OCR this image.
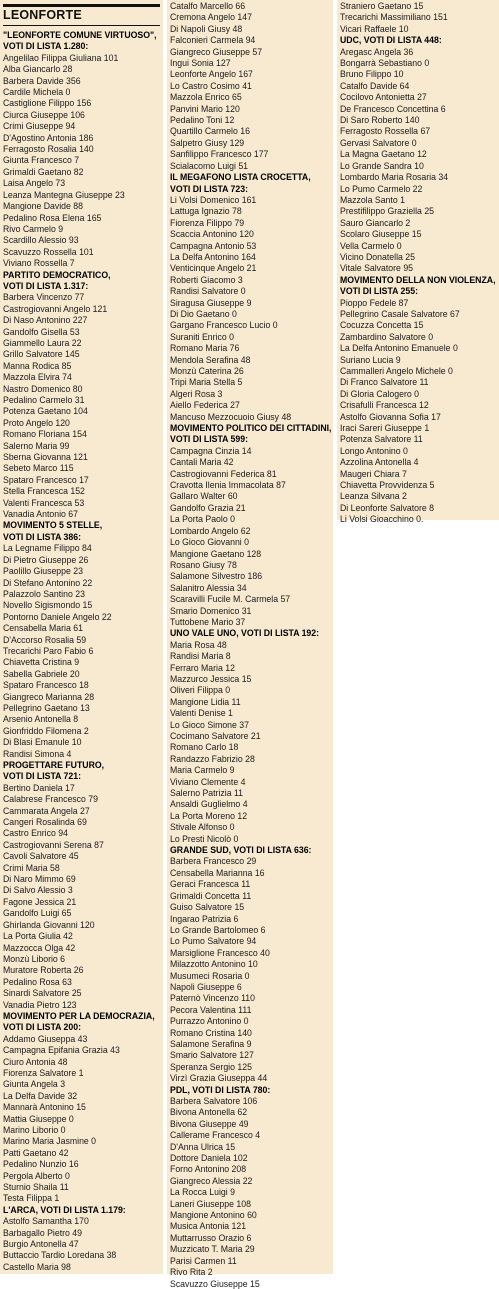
LEONFORTE
"LEONFORTE COMUNE VIRTUOSO",
VOTI DI LISTA 1.280:
Angelilao Filippa Giuliana 101
Alba Giancarlo 28
Barbera Davide 356
Cardile Michela 0
Castiglione Filippo 156
Ciurca Giuseppe 106
Crimi Giuseppe 94
D'Agostino Antonia 186
Ferragosto Rosalia 140
Giunta Francesco 7
Grimaldi Gaetano 82
Laisa Angelo 73
Leanza Mantegna Giuseppe 23
Mangione Davide 88
Pedalino Rosa Elena 165
Rivo Carmelo 9
Scardillo Alessio 93
Scavuzzo Rossella 101
Viviano Rossella 7
PARTITO DEMOCRATICO,
VOTI DI LISTA 1.317:
Barbera Vincenzo 77
Castrogiovanni Angelo 121
Di Naso Antonino 227
Gandolfo Gisella 53
Giammello Laura 22
Grillo Salvatore 145
Manna Rodica 85
Mazzola Elvira 74
Nastro Domenico 80
Pedalino Carmelo 31
Potenza Gaetano 104
Proto Angelo 120
Romano Floriana 154
Salerno Maria 99
Sberna Giovanna 121
Sebeto Marco 115
Spataro Francesco 17
Stella Francesca 152
Valenti Francesca 53
Vanadia Antonio 67
MOVIMENTO 5 STELLE,
VOTI DI LISTA 386:
La Legname Filippo 84
Di Pietro Giuseppe 26
Paolillo Giuseppe 23
Di Stefano Antonino 22
Palazzolo Santino 23
Novello Sigismondo 15
Pontorno Daniele Angelo 22
Censabella Maria 61
D'Accorso Rosalia 59
Trecarichi Paro Fabio 6
Chiavetta Cristina 9
Sabella Gabriele 20
Spataro Francesco 18
Giangreco Marianna 28
Pellegrino Gaetano 13
Arsenio Antonella 8
Gionfriddo Filomena 2
Di Blasi Emanule 10
Randisi Simona 4
PROGETTARE FUTURO,
VOTI DI LISTA 721:
Bertino Daniela 17
Calabrese Francesco 79
Cammarata Angela 27
Cangeri Rosalinda 69
Castro Enrico 94
Castrogiovanni Serena 87
Cavoli Salvatore 45
Crimi Maria 58
Di Naro Mimmo 69
Di Salvo Alessio 3
Fagone Jessica 21
Gandolfo Luigi 65
Ghirlanda Giovanni 120
La Porta Giulia 42
Mazzocca Olga 42
Monzù Liborio 6
Muratore Roberta 26
Pedalino Rosa 63
Sinardi Salvatore 25
Vanadia Pietro 123
MOVIMENTO PER LA DEMOCRAZIA,
VOTI DI LISTA 200:
Addamo Giuseppa 43
Campagna Epifania Grazia 43
Ciuro Antonia 48
Fiorenza Salvatore 1
Giunta Angela 3
La Delfa Davide 32
Mannarà Antonino 15
Mattia Giuseppe 0
Marino Liborio 0
Marino Maria Jasmine 0
Patti Gaetano 42
Pedalino Nunzio 16
Pergola Alberto 0
Sturnio Shaila 11
Testa Filippa 1
L'ARCA, VOTI DI LISTA 1.179:
Astolfo Samantha 170
Barbagallo Pietro 49
Burgio Antonella 47
Buttaccio Tardio Loredana 38
Castello Maria 98
Catalfo Marcello 66
Cremona Angelo 147
Di Napoli Giusy 48
Falconieri Carmela 94
Giangreco Giuseppe 57
Ingui Sonia 127
Leonforte Angelo 167
Lo Castro Cosimo 41
Mazzola Enrico 65
Panvini Mario 120
Pedalino Toni 12
Quartillo Carmelo 16
Salpetro Giusy 129
Sanfilippo Francesco 177
Scialacomo Luigi 51
IL MEGAFONO LISTA CROCETTA,
VOTI DI LISTA 723:
Li Volsi Domenico 161
Lattuga Ignazio 78
Fiorenza Filippo 79
Scaccia Antonino 120
Campagna Antonio 53
La Delfa Antonino 164
Venticinque Angelo 21
Roberti Giacomo 3
Randisi Salvatore 0
Siragusa Giuseppe 9
Di Dio Gaetano 0
Gargano Francesco Lucio 0
Suraniti Enrico 0
Romano Maria 76
Mendola Serafina 48
Monzù Caterina 26
Tripi Maria Stella 5
Algeri Rosa 3
Aiello Federica 27
Mancuso Mezzocuoio Giusy 48
MOVIMENTO POLITICO DEI CITTADINI,
VOTI DI LISTA 599:
Campagna Cinzia 14
Cantali Maria 42
Castrogiovanni Federica 81
Cravotta Ilenia Immacolata 87
Gallaro Walter 60
Gandolfo Grazia 21
La Porta Paolo 0
Lombardo Angelo 62
Lo Gioco Giovanni 0
Mangione Gaetano 128
Rosano Giusy 78
Salamone Silvestro 186
Salanitro Alessia 34
Scaravilli Fucile M. Carmela 57
Smario Domenico 31
Tuttobene Mario 37
UNO VALE UNO, VOTI DI LISTA 192:
Maria Rosa 48
Randisi Maria 8
Ferraro Maria 12
Mazzurco Jessica 15
Oliveri Filippa 0
Mangione Lidia 11
Valenti Denise 1
Lo Gioco Simone 37
Cocimano Salvatore 21
Romano Carlo 18
Randazzo Fabrizio 28
Maria Carmelo 9
Viviano Clemente 4
Salerno Patrizia 11
Ansaldi Guglielmo 4
La Porta Moreno 12
Stivale Alfonso 0
Lo Presti Nicolò 0
GRANDE SUD, VOTI DI LISTA 636:
Barbera Francesco 29
Censabella Marianna 16
Geraci Francesca 11
Grimaldi Concetta 11
Guiso Salvatore 15
Ingarao Patrizia 6
Lo Grande Bartolomeo 6
Lo Pumo Salvatore 94
Marsiglione Francesco 40
Milazzotto Antonino 10
Musumeci Rosaria 0
Napoli Giuseppe 6
Paternò Vincenzo 110
Pecora Valentina 111
Purrazzo Antonino 0
Romano Cristina 140
Salamone Serafina 9
Smario Salvatore 127
Speranza Sergio 125
Virzì Grazia Giuseppa 44
PDL, VOTI DI LISTA 780:
Barbera Salvatore 106
Bivona Antonella 62
Bivona Giuseppe 49
Callerame Francesco 4
D'Anna Ulrica 15
Dottore Daniela 102
Forno Antonino 208
Giangreco Alessia 22
La Rocca Luigi 9
Laneri Giuseppe 108
Mangione Antonino 60
Musica Antonia 121
Muttarrusso Orazio 6
Muzzicato T. Maria 29
Parisi Carmen 11
Rivo Rita 2
Scavuzzo Giuseppe 15
Straniero Gaetano 15
Trecarichi Massimiliano 151
Vicari Raffaele 10
UDC, VOTI DI LISTA 448:
Aregasc Angela 36
Bongarrà Sebastiano 0
Bruno Filippo 10
Catalfo Davide 64
Cocilovo Antonietta 27
De Francesco Concettina 6
Di Saro Roberto 140
Ferragosto Rossella 67
Gervasi Salvatore 0
La Magna Gaetano 12
Lo Grande Sandra 10
Lombardo Maria Rosaria 34
Lo Pumo Carmelo 22
Mazzola Santo 1
Prestifilippo Graziella 25
Sauro Giancarlo 2
Scolaro Giuseppe 15
Vella Carmelo 0
Vicino Donatella 25
Vitale Salvatore 95
MOVIMENTO DELLA NON VIOLENZA,
VOTI DI LISTA 255:
Pioppo Fedele 87
Pellegrino Casale Salvatore 67
Cocuzza Concetta 15
Zambardino Salvatore 0
La Delfa Antonino Emanuele 0
Suriano Lucia 9
Cammalleri Angelo Michele 0
Di Franco Salvatore 11
Di Gloria Calogero 0
Crisafulli Francesca 12
Astolfo Giovanna Sofia 17
Iraci Sareri Giuseppe 1
Potenza Salvatore 11
Longo Antonino 0
Azzolina Antonella 4
Maugeri Chiara 7
Chiavetta Provvidenza 5
Leanza Silvana 2
Di Leonforte Salvatore 8
Li Volsi Gioacchino 0.
